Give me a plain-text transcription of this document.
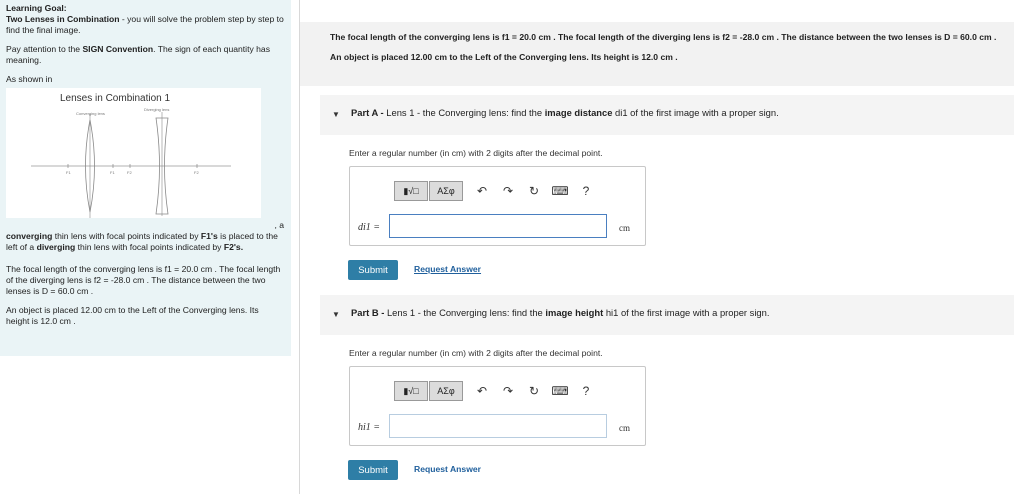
Learning Goal:
Two Lenses in Combination - you will solve the problem step by step to find the final image.
Pay attention to the SIGN Convention. The sign of each quantity has meaning.
As shown in
Lenses in Combination 1
Converging lens
Diverging lens
F1	F1	F2	F2
, a
converging thin lens with focal points indicated by F1's is placed to the left of a diverging thin lens with focal points indicated by F2's.
The focal length of the converging lens is f1 = 20.0 cm . The focal length of the diverging lens is f2 = -28.0 cm . The distance between the two lenses is D = 60.0 cm .
An object is placed 12.00 cm to the Left of the Converging lens. Its height is 12.0 cm .
The focal length of the converging lens is f1 = 20.0 cm . The focal length of the diverging lens is f2 = -28.0 cm . The distance between the two lenses is D = 60.0 cm .
An object is placed 12.00 cm to the Left of the Converging lens. Its height is 12.0 cm .
▼ Part A - Lens 1 - the Converging lens: find the image distance di1 of the first image with a proper sign.
Enter a regular number (in cm) with 2 digits after the decimal point.
▮√□	ΑΣφ	↶	↷	↻	⌨	?
di1 =	cm
Submit	Request Answer
▼ Part B - Lens 1 - the Converging lens: find the image height hi1 of the first image with a proper sign.
Enter a regular number (in cm) with 2 digits after the decimal point.
▮√□	ΑΣφ	↶	↷	↻	⌨	?
hi1 =	cm
Submit	Request Answer
